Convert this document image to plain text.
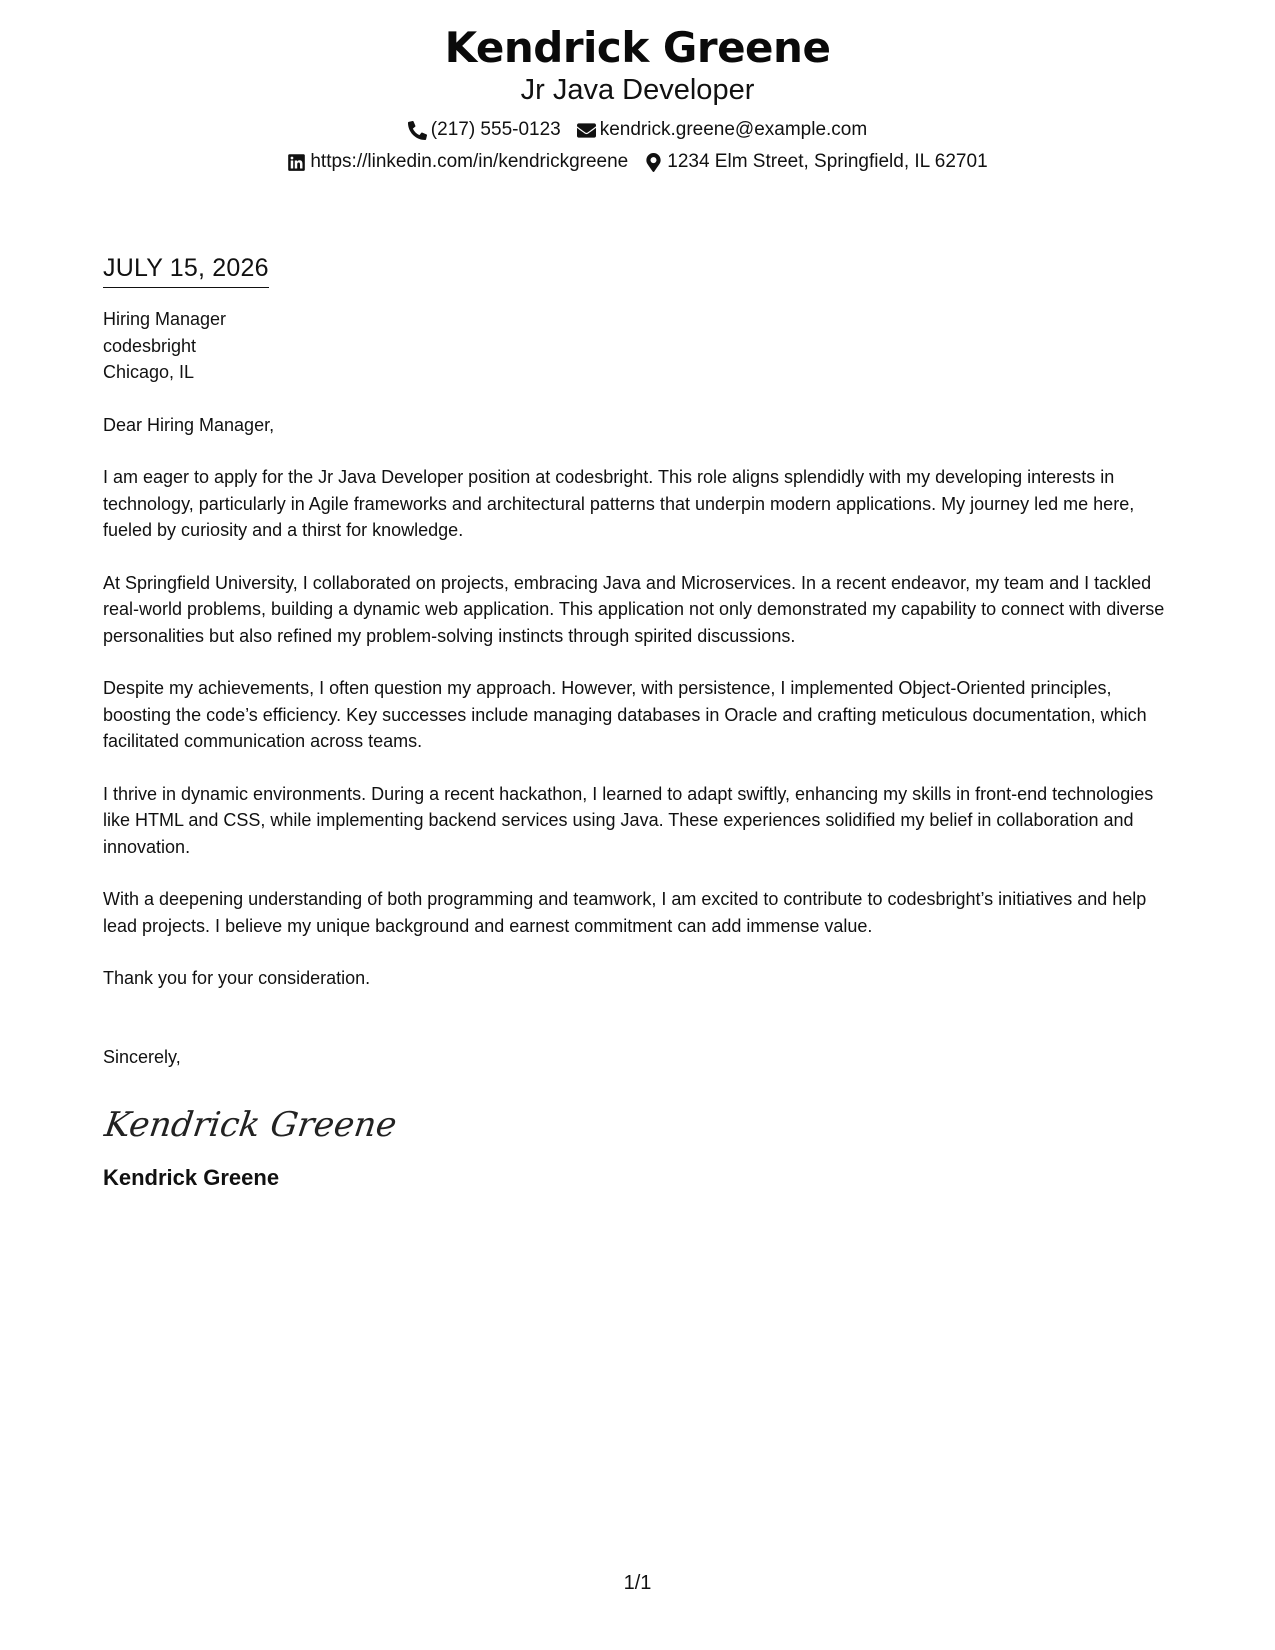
Kendrick Greene
Jr Java Developer
(217) 555-0123 kendrick.greene@example.com
https://linkedin.com/in/kendrickgreene 1234 Elm Street, Springfield, IL 62701
JULY 15, 2026
Hiring Manager
codesbright
Chicago, IL
Dear Hiring Manager,
I am eager to apply for the Jr Java Developer position at codesbright. This role aligns splendidly with my developing interests in technology, particularly in Agile frameworks and architectural patterns that underpin modern applications. My journey led me here, fueled by curiosity and a thirst for knowledge.
At Springfield University, I collaborated on projects, embracing Java and Microservices. In a recent endeavor, my team and I tackled real-world problems, building a dynamic web application. This application not only demonstrated my capability to connect with diverse personalities but also refined my problem-solving instincts through spirited discussions.
Despite my achievements, I often question my approach. However, with persistence, I implemented Object-Oriented principles, boosting the code’s efficiency. Key successes include managing databases in Oracle and crafting meticulous documentation, which facilitated communication across teams.
I thrive in dynamic environments. During a recent hackathon, I learned to adapt swiftly, enhancing my skills in front-end technologies like HTML and CSS, while implementing backend services using Java. These experiences solidified my belief in collaboration and innovation.
With a deepening understanding of both programming and teamwork, I am excited to contribute to codesbright’s initiatives and help lead projects. I believe my unique background and earnest commitment can add immense value.
Thank you for your consideration.
Sincerely,
Kendrick Greene
Kendrick Greene
1/1
